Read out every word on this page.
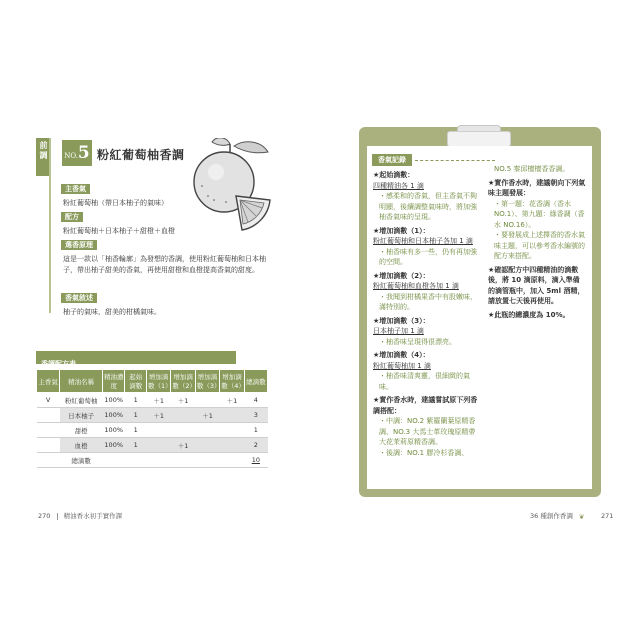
前調	NO.5 粉紅葡萄柚香調
主香氣
粉紅葡萄柚（帶日本柚子的氣味）
配方
粉紅葡萄柚＋日本柚子＋甜橙＋血橙
選香原理
這是一款以「柚香輪廓」為發想的香調，使用粉紅葡萄柚和日本柚子，帶出柚子甜美的香氣，再使用甜橙和血橙提高香氣的甜度。
香氣敘述
柚子的氣味，甜美的柑橘氣味。
香調配方表
主香氣	精油名稱	精油濃度	起始滴數	增加滴數（1）	增加滴數（2）	增加滴數（3）	增加滴數（4）	總滴數
V	粉紅葡萄柚	100%	1	＋1	＋1		＋1	4
	日本柚子	100%	1	＋1		＋1		3
	甜橙	100%	1					1
	血橙	100%	1		＋1			2
	總滴數							10
270 精油香水初手實作課
香氣記錄
★起始滴數：
四種精油各 1 滴
・感柔和的香氣，但主香氣不夠明顯，後續調整氣味時，將加強柚香氣味的呈現。
★增加滴數（1）：
粉紅葡萄柚和日本柚子各加 1 滴
・柚香味有多一些，仍有再加強的空間。
★增加滴數（2）：
粉紅葡萄柚和血橙各加 1 滴
・我聞到柑橘果香中有股嫩味，滿特別的。
★增加滴數（3）：
日本柚子加 1 滴
・柚香味呈現得很漂亮。
★增加滴數（4）：
粉紅葡萄柚加 1 滴
・柚香味清爽靈，很細緻的氣味。
★實作香水時，建議嘗試原下列香調搭配：
・中調：NO.2 紫羅蘭葉原精香調、NO.3 大馬士革玫瑰原精帶大花茉莉原精香調。
・後調：NO.1 膠冷杉香調、
NO.5 秦邱檀檀香香調。
★實作香水時，建議朝向下列氣味主題發展：
・第一題：花香調（香水 NO.1）、第九題：綠香調（香水 NO.16）。
・要發展成上述擇香的香水氣味主題，可以參考香水編號的配方來搭配。
★確認配方中四種精油的滴數後，將 10 滴原料，滴入準備的滴管瓶中，加入 5ml 酒精，請放置七天後再使用。
★此瓶的總濃度為 10%。
36 種創作香調 ❦	271
